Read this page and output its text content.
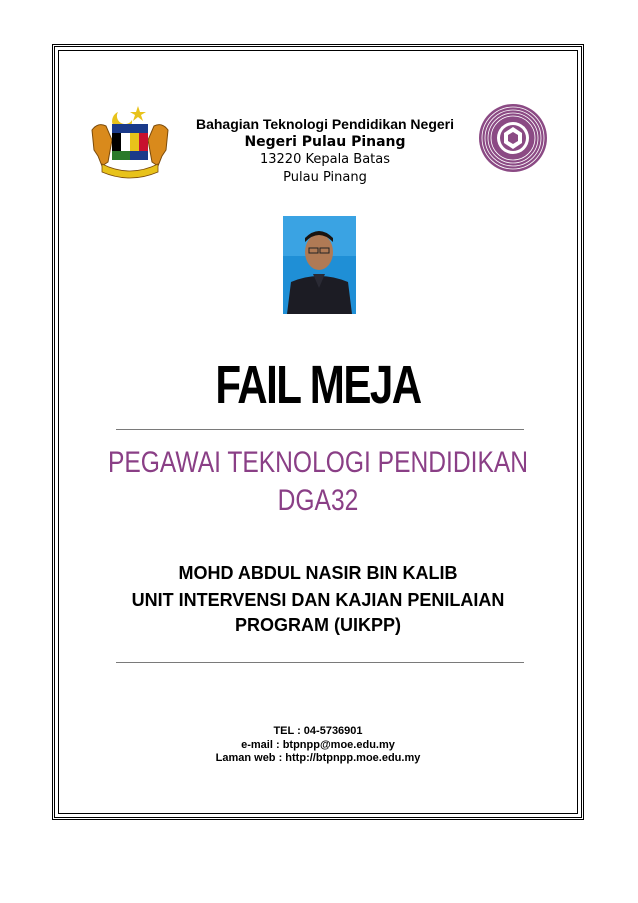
Bahagian Teknologi Pendidikan Negeri
Negeri Pulau Pinang
13220 Kepala Batas
Pulau Pinang
FAIL MEJA
PEGAWAI TEKNOLOGI PENDIDIKAN
DGA32
MOHD ABDUL NASIR BIN KALIB
UNIT INTERVENSI DAN KAJIAN PENILAIAN
PROGRAM (UIKPP)
TEL : 04-5736901
e-mail : btpnpp@moe.edu.my
Laman web : http://btpnpp.moe.edu.my
